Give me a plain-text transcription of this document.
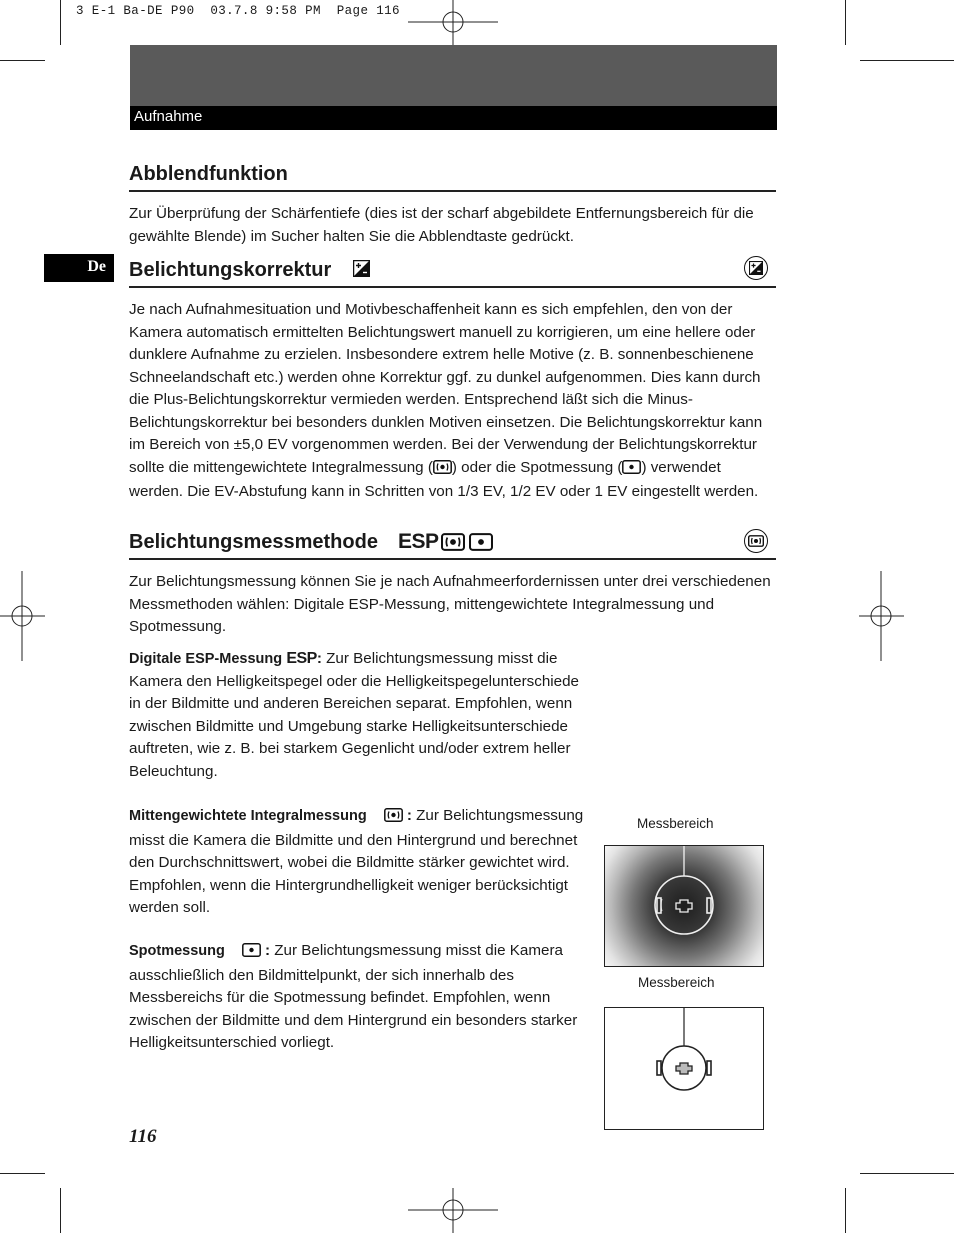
3 E-1 Ba-DE P90  03.7.8 9:58 PM  Page 116
Aufnahme
De
Abblendfunktion

Zur Überprüfung der Schärfentiefe (dies ist der scharf abgebildete Entfernungsbereich für die gewählte Blende) im Sucher halten Sie die Abblendtaste gedrückt.

Belichtungskorrektur

Je nach Aufnahmesituation und Motivbeschaffenheit kann es sich empfehlen, den von der Kamera automatisch ermittelten Belichtungswert manuell zu korrigieren, um eine hellere oder dunklere Aufnahme zu erzielen. Insbesondere extrem helle Motive (z. B. sonnenbeschienene Schneelandschaft etc.) werden ohne Korrektur ggf. zu dunkel aufgenommen. Dies kann durch die Plus-Belichtungskorrektur vermieden werden. Entsprechend läßt sich die Minus-Belichtungskorrektur bei besonders dunklen Motiven einsetzen. Die Belichtungskorrektur kann im Bereich von ±5,0 EV vorgenommen werden. Bei der Verwendung der Belichtungskorrektur sollte die mittengewichtete Integralmessung ( ) oder die Spotmessung ( ) verwendet werden. Die EV-Abstufung kann in Schritten von 1/3 EV, 1/2 EV oder 1 EV eingestellt werden.

Belichtungsmessmethode ESP

Zur Belichtungsmessung können Sie je nach Aufnahmeerfordernissen unter drei verschiedenen Messmethoden wählen: Digitale ESP-Messung, mittengewichtete Integralmessung und Spotmessung.

Digitale ESP-Messung ESP: Zur Belichtungsmessung misst die Kamera den Helligkeitspegel oder die Helligkeitspegelunterschiede in der Bildmitte und anderen Bereichen separat. Empfohlen, wenn zwischen Bildmitte und Umgebung starke Helligkeitsunterschiede auftreten, wie z. B. bei starkem Gegenlicht und/oder extrem heller Beleuchtung.

Mittengewichtete Integralmessung	: Zur Belichtungsmessung misst die Kamera die Bildmitte und den Hintergrund und berechnet den Durchschnittswert, wobei die Bildmitte stärker gewichtet wird. Empfohlen, wenn die Hintergrundhelligkeit weniger berücksichtigt werden soll.

Spotmessung	: Zur Belichtungsmessung misst die Kamera ausschließlich den Bildmittelpunkt, der sich innerhalb des Messbereichs für die Spotmessung befindet. Empfohlen, wenn zwischen der Bildmitte und dem Hintergrund ein besonders starker Helligkeitsunterschied vorliegt.

Messbereich
Messbereich
116
